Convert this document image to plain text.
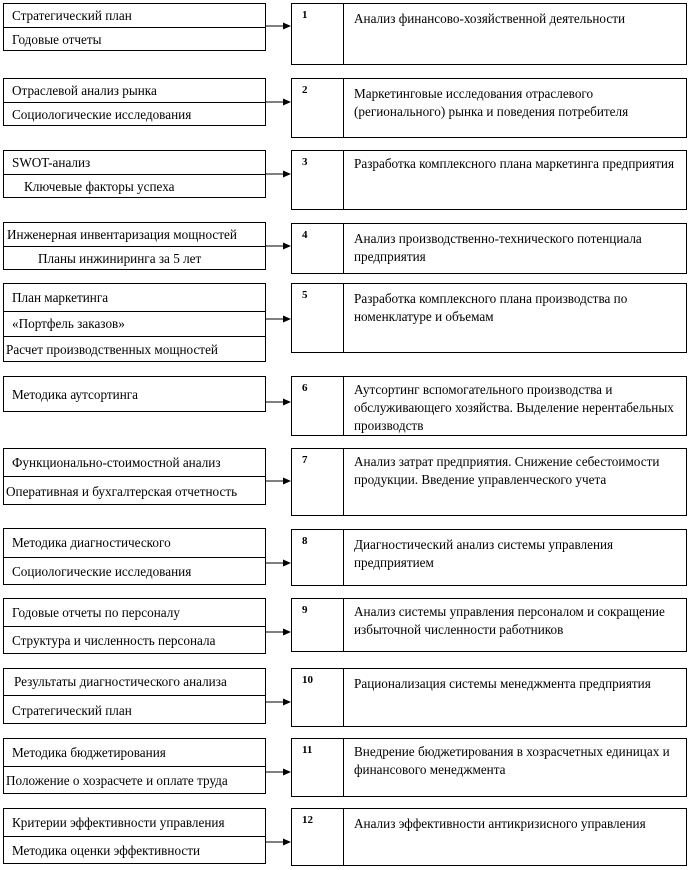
Стратегический план
Годовые отчеты
1	Анализ финансово-хозяйственной деятельности
Отраслевой анализ рынка
Социологические исследования
2	Маркетинговые исследования отраслевого (регионального) рынка и поведения потребителя
SWOT-анализ
Ключевые факторы успеха
3	Разработка комплексного плана маркетинга предприятия
Инженерная инвентаризация мощностей
Планы инжиниринга за 5 лет
4	Анализ производственно-технического потенциала предприятия
План маркетинга
«Портфель заказов»
Расчет производственных мощностей
5	Разработка комплексного плана производства по номенклатуре и объемам
Методика аутсортинга	6	Аутсортинг вспомогательного производства и обслуживающего хозяйства. Выделение нерентабельных производств
Функционально-стоимостной анализ
Оперативная и бухгалтерская отчетность
7	Анализ затрат предприятия. Снижение себестоимости продукции. Введение управленческого учета
Методика диагностического
Социологические исследования
8	Диагностический анализ системы управления предприятием
Годовые отчеты по персоналу
Структура и численность персонала
9	Анализ системы управления персоналом и сокращение избыточной численности работников
Результаты диагностического анализа
Стратегический план
10	Рационализация системы менеджмента предприятия
Методика бюджетирования
Положение о хозрасчете и оплате труда
11	Внедрение бюджетирования в хозрасчетных единицах и финансового менеджмента
Критерии эффективности управления
Методика оценки эффективности
12	Анализ эффективности антикризисного управления
